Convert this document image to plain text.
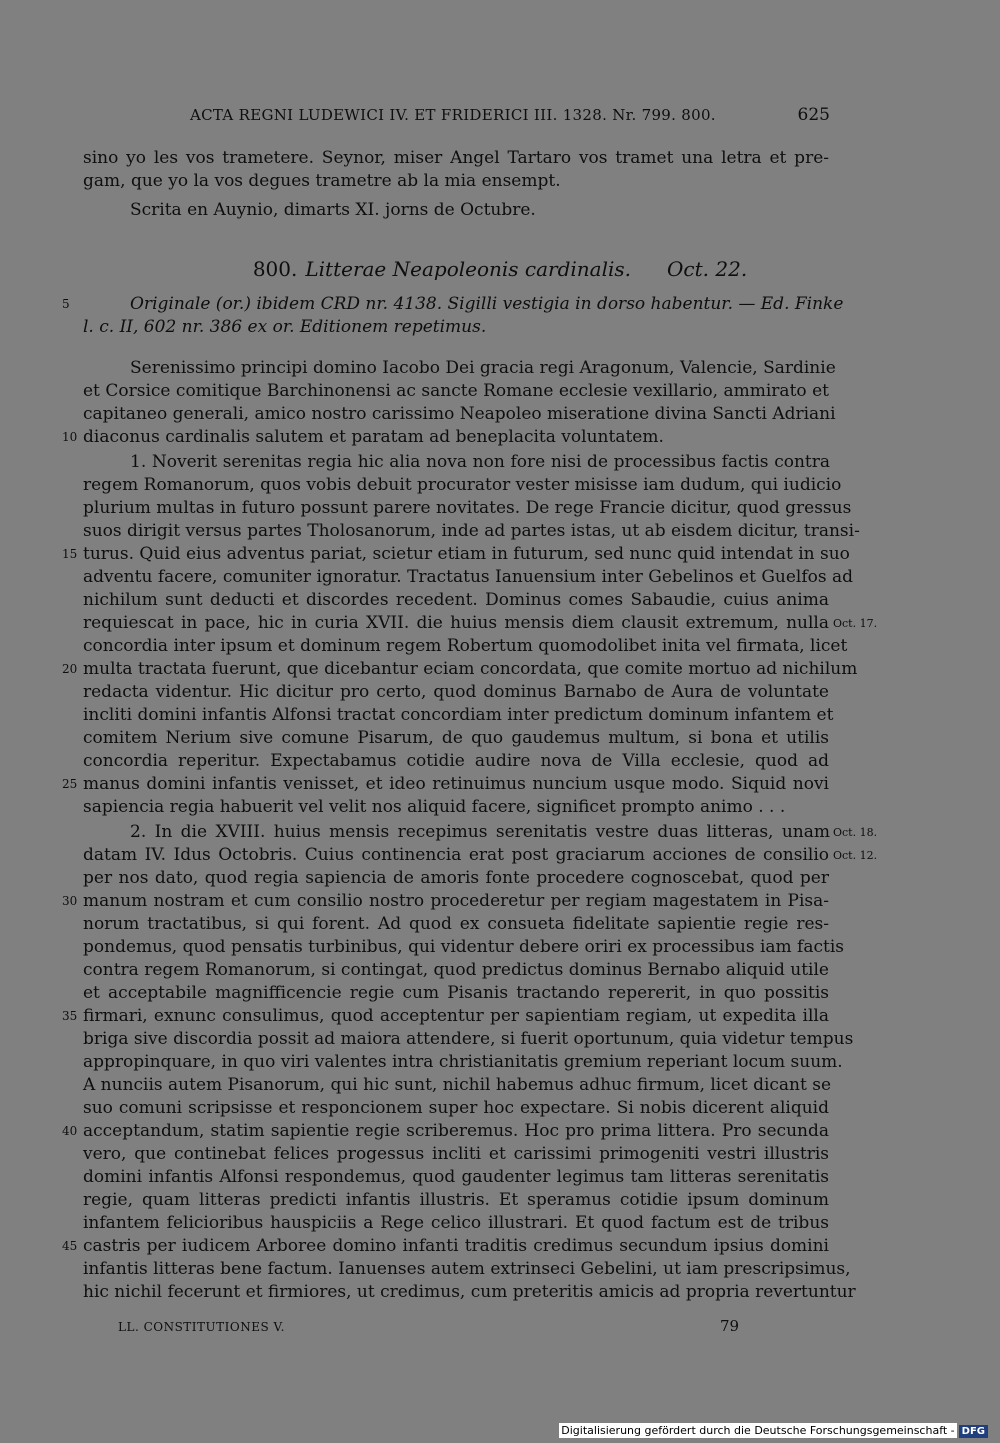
ACTA REGNI LUDEWICI IV. ET FRIDERICI III. 1328. Nr. 799. 800.	625
sino yo les vos trametere. Seynor, miser Angel Tartaro vos tramet una letra et pre-
gam, que yo la vos degues trametre ab la mia ensempt.
Scrita en Auynio, dimarts XI. jorns de Octubre.
800. Litterae Neapoleonis cardinalis. Oct. 22.
5	Originale (or.) ibidem CRD nr. 4138. Sigilli vestigia in dorso habentur. — Ed. Finke
l. c. II, 602 nr. 386 ex or. Editionem repetimus.
Serenissimo principi domino Iacobo Dei gracia regi Aragonum, Valencie, Sardinie
et Corsice comitique Barchinonensi ac sancte Romane ecclesie vexillario, ammirato et
capitaneo generali, amico nostro carissimo Neapoleo miseratione divina Sancti Adriani
10 diaconus cardinalis salutem et paratam ad beneplacita voluntatem.
1. Noverit serenitas regia hic alia nova non fore nisi de processibus factis contra
regem Romanorum, quos vobis debuit procurator vester misisse iam dudum, qui iudicio
plurium multas in futuro possunt parere novitates. De rege Francie dicitur, quod gressus
suos dirigit versus partes Tholosanorum, inde ad partes istas, ut ab eisdem dicitur, transi-
15 turus. Quid eius adventus pariat, scietur etiam in futurum, sed nunc quid intendat in suo
adventu facere, comuniter ignoratur. Tractatus Ianuensium inter Gebelinos et Guelfos ad
nichilum sunt deducti et discordes recedent. Dominus comes Sabaudie, cuius anima
requiescat in pace, hic in curia XVII. die huius mensis diem clausit extremum, nulla Oct. 17.
concordia inter ipsum et dominum regem Robertum quomodolibet inita vel firmata, licet
20 multa tractata fuerunt, que dicebantur eciam concordata, que comite mortuo ad nichilum
redacta videntur. Hic dicitur pro certo, quod dominus Barnabo de Aura de voluntate
incliti domini infantis Alfonsi tractat concordiam inter predictum dominum infantem et
comitem Nerium sive comune Pisarum, de quo gaudemus multum, si bona et utilis
concordia reperitur. Expectabamus cotidie audire nova de Villa ecclesie, quod ad
25 manus domini infantis venisset, et ideo retinuimus nuncium usque modo. Siquid novi
sapiencia regia habuerit vel velit nos aliquid facere, significet prompto animo . . .
2. In die XVIII. huius mensis recepimus serenitatis vestre duas litteras, unam Oct. 18.
datam IV. Idus Octobris. Cuius continencia erat post graciarum acciones de consilio Oct. 12.
per nos dato, quod regia sapiencia de amoris fonte procedere cognoscebat, quod per
30 manum nostram et cum consilio nostro procederetur per regiam magestatem in Pisa-
norum tractatibus, si qui forent. Ad quod ex consueta fidelitate sapientie regie res-
pondemus, quod pensatis turbinibus, qui videntur debere oriri ex processibus iam factis
contra regem Romanorum, si contingat, quod predictus dominus Bernabo aliquid utile
et acceptabile magnifficencie regie cum Pisanis tractando repererit, in quo possitis
35 firmari, exnunc consulimus, quod acceptentur per sapientiam regiam, ut expedita illa
briga sive discordia possit ad maiora attendere, si fuerit oportunum, quia videtur tempus
appropinquare, in quo viri valentes intra christianitatis gremium reperiant locum suum.
A nunciis autem Pisanorum, qui hic sunt, nichil habemus adhuc firmum, licet dicant se
suo comuni scripsisse et responcionem super hoc expectare. Si nobis dicerent aliquid
40 acceptandum, statim sapientie regie scriberemus. Hoc pro prima littera. Pro secunda
vero, que continebat felices progessus incliti et carissimi primogeniti vestri illustris
domini infantis Alfonsi respondemus, quod gaudenter legimus tam litteras serenitatis
regie, quam litteras predicti infantis illustris. Et speramus cotidie ipsum dominum
infantem felicioribus hauspiciis a Rege celico illustrari. Et quod factum est de tribus
45 castris per iudicem Arboree domino infanti traditis credimus secundum ipsius domini
infantis litteras bene factum. Ianuenses autem extrinseci Gebelini, ut iam prescripsimus,
hic nichil fecerunt et firmiores, ut credimus, cum preteritis amicis ad propria revertuntur
LL. CONSTITUTIONES V.	79
Digitalisierung gefördert durch die Deutsche Forschungsgemeinschaft - DFG
